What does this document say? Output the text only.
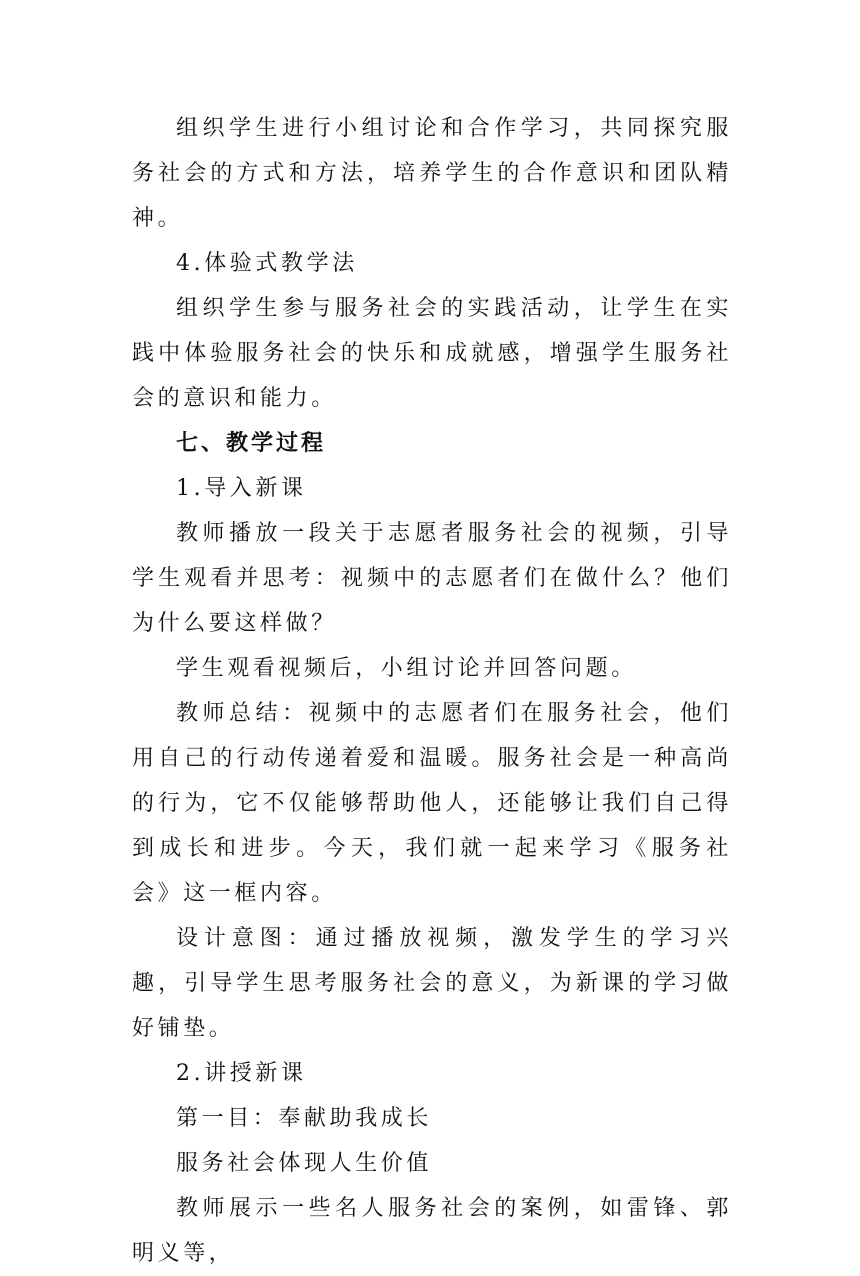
组织学生进行小组讨论和合作学习，共同探究服务社会的方式和方法，培养学生的合作意识和团队精神。

4.体验式教学法

组织学生参与服务社会的实践活动，让学生在实践中体验服务社会的快乐和成就感，增强学生服务社会的意识和能力。

七、教学过程

1.导入新课

教师播放一段关于志愿者服务社会的视频，引导学生观看并思考：视频中的志愿者们在做什么？他们为什么要这样做？

学生观看视频后，小组讨论并回答问题。

教师总结：视频中的志愿者们在服务社会，他们用自己的行动传递着爱和温暖。服务社会是一种高尚的行为，它不仅能够帮助他人，还能够让我们自己得到成长和进步。今天，我们就一起来学习《服务社会》这一框内容。

设计意图：通过播放视频，激发学生的学习兴趣，引导学生思考服务社会的意义，为新课的学习做好铺垫。

2.讲授新课

第一目：奉献助我成长

服务社会体现人生价值

教师展示一些名人服务社会的案例，如雷锋、郭明义等，
